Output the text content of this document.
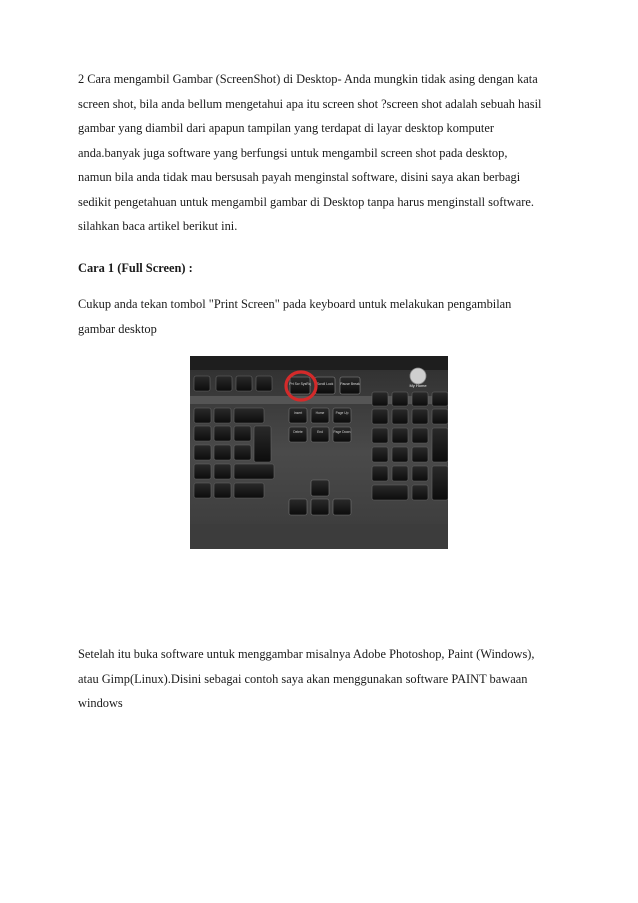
2 Cara mengambil Gambar (ScreenShot) di Desktop- Anda mungkin tidak asing dengan kata
screen shot, bila anda bellum mengetahui apa itu screen shot ?screen shot adalah sebuah hasil
gambar yang diambil dari apapun tampilan yang terdapat di layar desktop komputer
anda.banyak juga software yang berfungsi untuk mengambil screen shot pada desktop,
namun bila anda tidak mau bersusah payah menginstal software, disini saya akan berbagi
sedikit pengetahuan untuk mengambil gambar di Desktop tanpa harus menginstall software.
silahkan baca artikel berikut ini.
Cara 1 (Full Screen) :
Cukup anda tekan tombol "Print Screen" pada keyboard untuk melakukan pengambilan
gambar desktop
Prt Scr SysRq Scroll Lock Pause Break	My Home
Insert	Home	Page Up
Delete	End	Page Down
Setelah itu buka software untuk menggambar misalnya Adobe Photoshop, Paint (Windows),
atau Gimp(Linux).Disini sebagai contoh saya akan menggunakan software PAINT bawaan
windows
